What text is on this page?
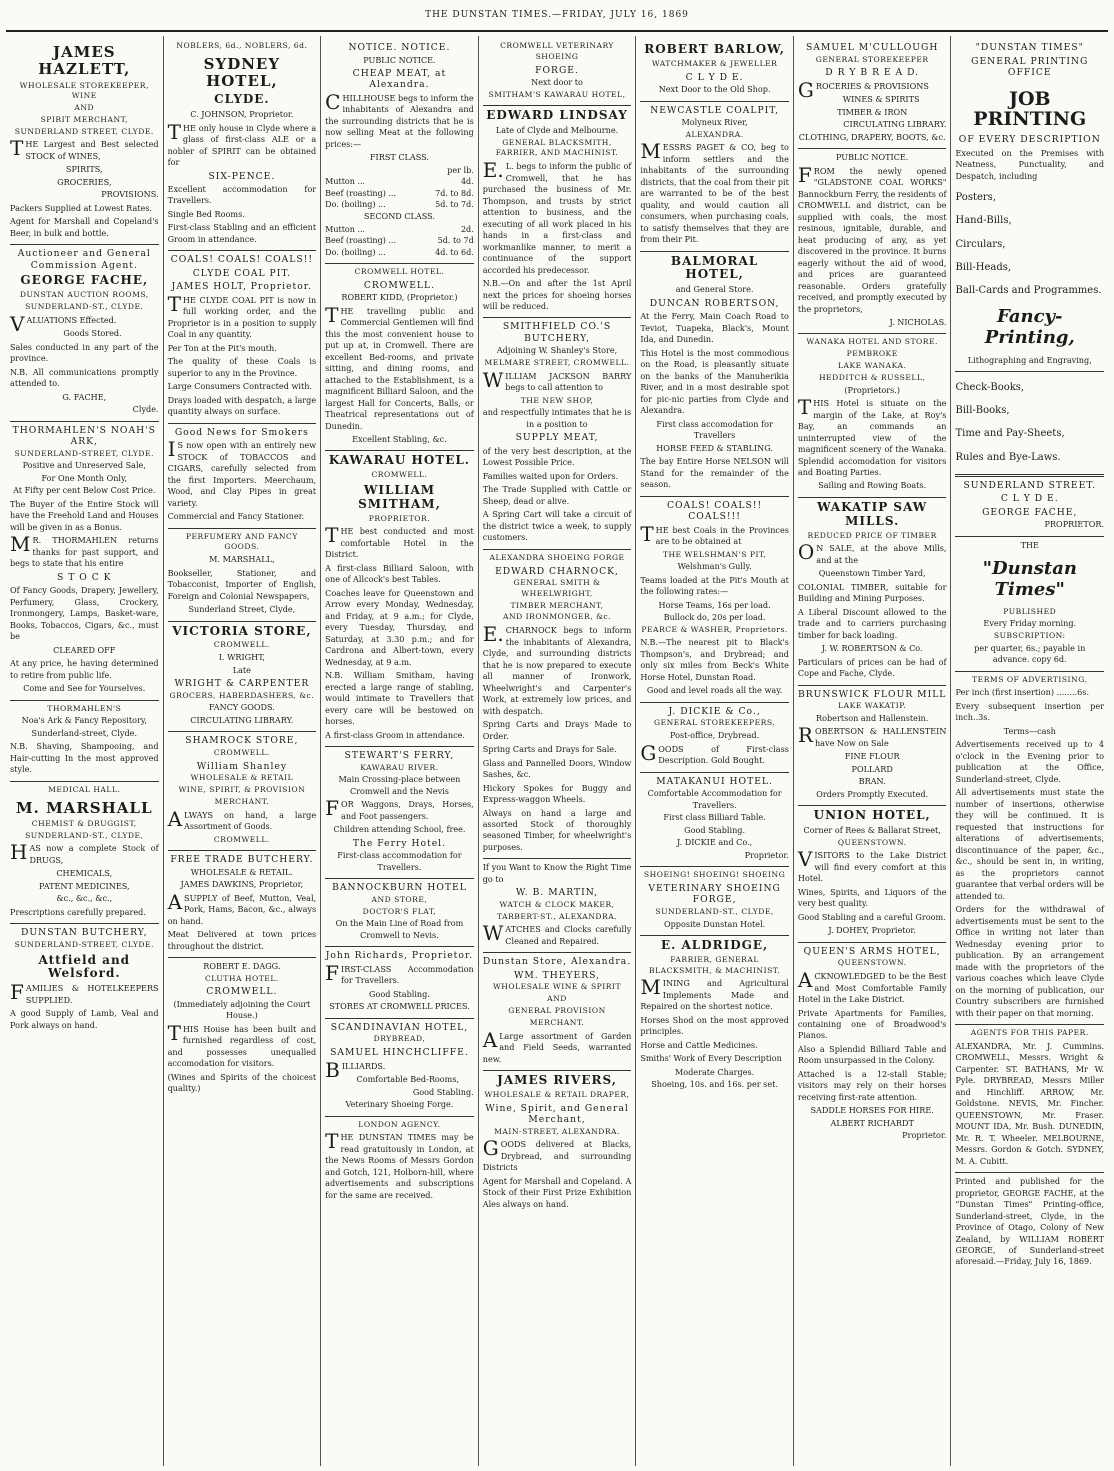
THE DUNSTAN TIMES.—FRIDAY, JULY 16, 1869
JAMES HAZLETT,
WHOLESALE STOREKEEPER, WINE
AND
SPIRIT MERCHANT,
SUNDERLAND STREET, CLYDE.
THE Largest and Best selected STOCK of WINES,
SPIRITS,
GROCERIES,
PROVISIONS.
Packers Supplied at Lowest Rates.
Agent for Marshall and Copeland's Beer, in bulk and bottle.
Auctioneer and General Commission Agent.
GEORGE FACHE,
DUNSTAN AUCTION ROOMS,
SUNDERLAND-ST., CLYDE.
VALUATIONS Effected.
Goods Stored.
Sales conducted in any part of the province.
N.B. All communications promptly attended to.
G. FACHE,
Clyde.
THORMAHLEN'S NOAH'S ARK,
SUNDERLAND-STREET, CLYDE.
Positive and Unreserved Sale,
For One Month Only,
At Fifty per cent Below Cost Price.
The Buyer of the Entire Stock will have the Freehold Land and Houses will be given in as a Bonus.
MR. THORMAHLEN returns thanks for past support, and begs to state that his entire
S T O C K
Of Fancy Goods, Drapery, Jewellery, Perfumery, Glass, Crockery, Ironmongery, Lamps, Basket-ware, Books, Tobaccos, Cigars, &c., must be
CLEARED OFF
At any price, he having determined to retire from public life.
Come and See for Yourselves.
THORMAHLEN'S
Noa's Ark & Fancy Repository,
Sunderland-street, Clyde.
N.B. Shaving, Shampooing, and Hair-cutting In the most approved style.
MEDICAL HALL.
M. MARSHALL
CHEMIST & DRUGGIST,
SUNDERLAND-ST., CLYDE,
HAS now a complete Stock of DRUGS,
CHEMICALS,
PATENT MEDICINES,
&c., &c., &c.,
Prescriptions carefully prepared.
DUNSTAN BUTCHERY,
SUNDERLAND-STREET, CLYDE.
Attfield and Welsford.
FAMILIES & HOTELKEEPERS SUPPLIED.
A good Supply of Lamb, Veal and Pork always on hand.
NOBLERS, 6d., NOBLERS, 6d.
SYDNEY HOTEL,
CLYDE.
C. JOHNSON, Proprietor.
THE only house in Clyde where a glass of first-class ALE or a nobler of SPIRIT can be obtained for
SIX-PENCE.
Excellent accommodation for Travellers.
Single Bed Rooms.
First-class Stabling and an efficient Groom in attendance.
COALS! COALS! COALS!!
CLYDE COAL PIT.
JAMES HOLT, Proprietor.
THE CLYDE COAL PIT is now in full working order, and the Proprietor is in a position to supply Coal in any quantity.
Per Ton at the Pit's mouth.
The quality of these Coals is superior to any in the Province.
Large Consumers Contracted with.
Drays loaded with despatch, a large quantity always on surface.
Good News for Smokers
IS now open with an entirely new STOCK of TOBACCOS and CIGARS, carefully selected from the first Importers. Meerchaum, Wood, and Clay Pipes in great variety.
Commercial and Fancy Stationer.
PERFUMERY AND FANCY GOODS.
M. MARSHALL,
Bookseller, Stationer, and Tobacconist, Importer of English, Foreign and Colonial Newspapers,
Sunderland Street, Clyde,
VICTORIA STORE,
CROMWELL.
I. WRIGHT,
Late
WRIGHT & CARPENTER
GROCERS, HABERDASHERS, &c.
FANCY GOODS.
CIRCULATING LIBRARY.
SHAMROCK STORE,
CROMWELL.
William Shanley
WHOLESALE & RETAIL
WINE, SPIRIT, & PROVISION
MERCHANT.
ALWAYS on hand, a large Assortment of Goods.
CROMWELL.
FREE TRADE BUTCHERY.
WHOLESALE & RETAIL.
JAMES DAWKINS, Proprietor,
ASUPPLY of Beef, Mutton, Veal, Pork, Hams, Bacon, &c., always on hand.
Meat Delivered at town prices throughout the district.
ROBERT E. DAGG.
CLUTHA HOTEL.
CROMWELL.
(Immediately adjoining the Court House.)
THIS House has been built and furnished regardless of cost, and possesses unequalled accomodation for visitors.
(Wines and Spirits of the choicest quality.)
NOTICE. NOTICE.
PUBLIC NOTICE.
CHEAP MEAT, at Alexandra.
CHILLHOUSE begs to inform the inhabitants of Alexandra and the surrounding districts that he is now selling Meat at the following prices:—
FIRST CLASS.
	per lb.
Mutton ...	4d.
Beef (roasting) ...	7d. to 8d.
Do. (boiling) ...	5d. to 7d.
SECOND CLASS.
Mutton ...	2d.
Beef (roasting) ...	5d. to 7d
Do. (boiling) ...	4d. to 6d.
CROMWELL HOTEL.
CROMWELL.
ROBERT KIDD, (Proprietor.)
THE travelling public and Commercial Gentlemen will find this the most convenient house to put up at, in Cromwell. There are excellent Bed-rooms, and private sitting, and dining rooms, and attached to the Establishment, is a magnificent Billiard Saloon, and the largest Hall for Concerts, Balls, or Theatrical representations out of Dunedin.
Excellent Stabling, &c.
KAWARAU HOTEL.
CROMWELL.
WILLIAM SMITHAM,
PROPRIETOR.
THE best conducted and most comfortable Hotel in the District.
A first-class Billiard Saloon, with one of Allcock's best Tables.
Coaches leave for Queenstown and Arrow every Monday, Wednesday, and Friday, at 9 a.m.; for Clyde, every Tuesday, Thursday, and Saturday, at 3.30 p.m.; and for Cardrona and Albert-town, every Wednesday, at 9 a.m.
N.B. William Smitham, having erected a large range of stabling, would intimate to Travellers that every care will be bestowed on horses.
A first-class Groom in attendance.
STEWART'S FERRY,
KAWARAU RIVER.
Main Crossing-place between Cromwell and the Nevis
FOR Waggons, Drays, Horses, and Foot passengers.
Children attending School, free.
The Ferry Hotel.
First-class accommodation for Travellers.
BANNOCKBURN HOTEL
AND STORE,
DOCTOR'S FLAT,
On the Main Line of Road from Cromwell to Nevis.
John Richards, Proprietor.
FIRST-CLASS Accommodation for Travellers.
Good Stabling.
STORES AT CROMWELL PRICES.
SCANDINAVIAN HOTEL,
DRYBREAD,
SAMUEL HINCHCLIFFE.
BILLIARDS.
Comfortable Bed-Rooms,
Good Stabling.
Veterinary Shoeing Forge.
LONDON AGENCY.
THE DUNSTAN TIMES may be read gratuitously in London, at the News Rooms of Messrs Gordon and Gotch, 121, Holborn-hill, where advertisements and subscriptions for the same are received.
CROMWELL VETERINARY SHOEING
FORGE.
Next door to
SMITHAM'S KAWARAU HOTEL,
EDWARD LINDSAY
Late of Clyde and Melbourne.
GENERAL BLACKSMITH, FARRIER, AND MACHINIST.
E.L. begs to inform the public of Cromwell, that he has purchased the business of Mr. Thompson, and trusts by strict attention to business, and the executing of all work placed in his hands in a first-class and workmanlike manner, to merit a continuance of the support accorded his predecessor.
N.B.—On and after the 1st April next the prices for shoeing horses will be reduced.
SMITHFIELD CO.'S BUTCHERY,
Adjoining W. Shanley's Store,
MELMARE STREET, CROMWELL.
WILLIAM JACKSON BARRY begs to call attention to
THE NEW SHOP,
and respectfully intimates that he is in a position to
SUPPLY MEAT,
of the very best description, at the Lowest Possible Price.
Families waited upon for Orders.
The Trade Supplied with Cattle or Sheep, dead or alive.
A Spring Cart will take a circuit of the district twice a week, to supply customers.
ALEXANDRA SHOEING FORGE
EDWARD CHARNOCK,
GENERAL SMITH & WHEELWRIGHT,
TIMBER MERCHANT,
AND IRONMONGER, &c.
E.CHARNOCK begs to inform the inhabitants of Alexandra, Clyde, and surrounding districts that he is now prepared to execute all manner of Ironwork, Wheelwright's and Carpenter's Work, at extremely low prices, and with despatch.
Spring Carts and Drays Made to Order.
Spring Carts and Drays for Sale.
Glass and Pannelled Doors, Window Sashes, &c.
Hickory Spokes for Buggy and Express-waggon Wheels.
Always on hand a large and assorted Stock of thoroughly seasoned Timber, for wheelwright's purposes.
If you Want to Know the Right Time go to
W. B. MARTIN,
WATCH & CLOCK MAKER,
TARBERT-ST., ALEXANDRA.
WATCHES and Clocks carefully Cleaned and Repaired.
Dunstan Store, Alexandra.
WM. THEYERS,
WHOLESALE WINE & SPIRIT
AND
GENERAL PROVISION
MERCHANT.
ALarge assortment of Garden and Field Seeds, warranted new.
JAMES RIVERS,
WHOLESALE & RETAIL DRAPER,
Wine, Spirit, and General Merchant,
MAIN-STREET, ALEXANDRA.
GOODS delivered at Blacks, Drybread, and surrounding Districts
Agent for Marshall and Copeland. A Stock of their First Prize Exhibition Ales always on hand.
ROBERT BARLOW,
WATCHMAKER & JEWELLER
C L Y D E.
Next Door to the Old Shop.
NEWCASTLE COALPIT,
Molyneux River,
ALEXANDRA.
MESSRS PAGET & CO, beg to inform settlers and the inhabitants of the surrounding districts, that the coal from their pit are warranted to be of the best quality, and would caution all consumers, when purchasing coals, to satisfy themselves that they are from their Pit.
BALMORAL HOTEL,
and General Store.
DUNCAN ROBERTSON,
At the Ferry, Main Coach Road to Teviot, Tuapeka, Black's, Mount Ida, and Dunedin.
This Hotel is the most commodious on the Road, is pleasantly situate on the banks of the Manuherikia River, and in a most desirable spot for pic-nic parties from Clyde and Alexandra.
First class accomodation for Travellers
HORSE FEED & STABLING.
The bay Entire Horse NELSON will Stand for the remainder of the season.
COALS! COALS!! COALS!!!
THE best Coals in the Provinces are to be obtained at
THE WELSHMAN'S PIT,
Welshman's Gully.
Teams loaded at the Pit's Mouth at the following rates:—
Horse Teams, 16s per load.
Bullock do, 20s per load.
PEARCE & WASHER, Proprietors.
N.B.—The nearest pit to Black's Thompson's, and Drybread; and only six miles from Beck's White Horse Hotel, Dunstan Road.
Good and level roads all the way.
J. DICKIE & Co.,
GENERAL STOREKEEPERS,
Post-office, Drybread.
GOODS of First-class Description. Gold Bought.
MATAKANUI HOTEL.
Comfortable Accommodation for Travellers.
First class Billiard Table.
Good Stabling.
J. DICKIE and Co.,
Proprietor.
SHOEING! SHOEING! SHOEING
VETERINARY SHOEING FORGE,
SUNDERLAND-ST., CLYDE,
Opposite Dunstan Hotel.
E. ALDRIDGE,
FARRIER, GENERAL BLACKSMITH, & MACHINIST.
MINING and Agricultural Implements Made and Repaired on the shortest notice.
Horses Shod on the most approved principles.
Horse and Cattle Medicines.
Smiths' Work of Every Description
Moderate Charges.
Shoeing, 10s. and 16s. per set.
SAMUEL M'CULLOUGH
GENERAL STOREKEEPER
D R Y B R E A D.
GROCERIES & PROVISIONS
WINES & SPIRITS
TIMBER & IRON
CIRCULATING LIBRARY.
CLOTHING, DRAPERY, BOOTS, &c.
PUBLIC NOTICE.
FROM the newly opened "GLADSTONE COAL WORKS" Bannockburn Ferry, the residents of CROMWELL and district, can be supplied with coals, the most resinous, ignitable, durable, and heat producing of any, as yet discovered in the province. It burns eagerly without the aid of wood, and prices are guaranteed reasonable. Orders gratefully received, and promptly executed by the proprietors,
J. NICHOLAS.
WANAKA HOTEL AND STORE.
PEMBROKE
LAKE WANAKA.
HEDDITCH & RUSSELL,
(Proprietors.)
THIS Hotel is situate on the margin of the Lake, at Roy's Bay, an commands an uninterrupted view of the magnificent scenery of the Wanaka. Splendid accomodation for visitors and Boating Parties.
Sailing and Rowing Boats.
WAKATIP SAW MILLS.
REDUCED PRICE OF TIMBER
ON SALE, at the above Mills, and at the
Queenstown Timber Yard,
COLONIAL TIMBER, suitable for Building and Mining Purposes.
A Liberal Discount allowed to the trade and to carriers purchasing timber for back loading.
J. W. ROBERTSON & Co.
Particulars of prices can be had of Cope and Fache, Clyde.
BRUNSWICK FLOUR MILL
LAKE WAKATIP.
Robertson and Hallenstein.
ROBERTSON & HALLENSTEIN have Now on Sale
FINE FLOUR
POLLARD
BRAN.
Orders Promptly Executed.
UNION HOTEL,
Corner of Rees & Ballarat Street,
QUEENSTOWN.
VISITORS to the Lake District will find every comfort at this Hotel.
Wines, Spirits, and Liquors of the very best quality.
Good Stabling and a careful Groom.
J. DOHEY, Proprietor.
QUEEN'S ARMS HOTEL,
QUEENSTOWN.
ACKNOWLEDGED to be the Best and Most Comfortable Family Hotel in the Lake District.
Private Apartments for Families, containing one of Broadwood's Pianos.
Also a Splendid Billiard Table and Room unsurpassed in the Colony.
Attached is a 12-stall Stable; visitors may rely on their horses receiving first-rate attention.
SADDLE HORSES FOR HIRE.
ALBERT RICHARDT
Proprietor.
"DUNSTAN TIMES"
GENERAL PRINTING OFFICE
JOB PRINTING
OF EVERY DESCRIPTION
Executed on the Premises with Neatness, Punctuality, and Despatch, including
Posters,
Hand-Bills,
Circulars,
Bill-Heads,
Ball-Cards and Programmes.
Fancy-Printing,
Lithographing and Engraving,
Check-Books,
Bill-Books,
Time and Pay-Sheets,
Rules and Bye-Laws.
SUNDERLAND STREET.
C L Y D E.
GEORGE FACHE,
PROPRIETOR.
THE
"Dunstan Times"
PUBLISHED
Every Friday morning.
SUBSCRIPTION:
per quarter, 6s.; payable in advance. copy 6d.
TERMS OF ADVERTISING.
Per inch (first insertion) ........6s.
Every subsequent insertion per inch..3s.
Terms—cash
Advertisements received up to 4 o'clock in the Evening prior to publication at the Office, Sunderland-street, Clyde.
All advertisements must state the number of insertions, otherwise they will be continued. It is requested that instructions for alterations of advertisements, discontinuance of the paper, &c., &c., should be sent in, in writing, as the proprietors cannot guarantee that verbal orders will be attended to.
Orders for the withdrawal of advertisements must be sent to the Office in writing not later than Wednesday evening prior to publication. By an arrangement made with the proprietors of the various coaches which leave Clyde on the morning of publication, our Country subscribers are furnished with their paper on that morning.
AGENTS FOR THIS PAPER.
ALEXANDRA, Mr. J. Cummins. CROMWELL, Messrs. Wright & Carpenter. ST. BATHANS, Mr W. Pyle. DRYBREAD, Messrs Miller and Hinchliff. ARROW, Mr. Goldstone. NEVIS, Mr. Fincher. QUEENSTOWN, Mr. Fraser. MOUNT IDA, Mr. Bush. DUNEDIN, Mr. R. T. Wheeler. MELBOURNE, Messrs. Gordon & Gotch. SYDNEY, M. A. Cubitt.
Printed and published for the proprietor, GEORGE FACHE, at the "Dunstan Times" Printing-office, Sunderland-street, Clyde, in the Province of Otago, Colony of New Zealand, by WILLIAM ROBERT GEORGE, of Sunderland-street aforesaid.—Friday, July 16, 1869.
